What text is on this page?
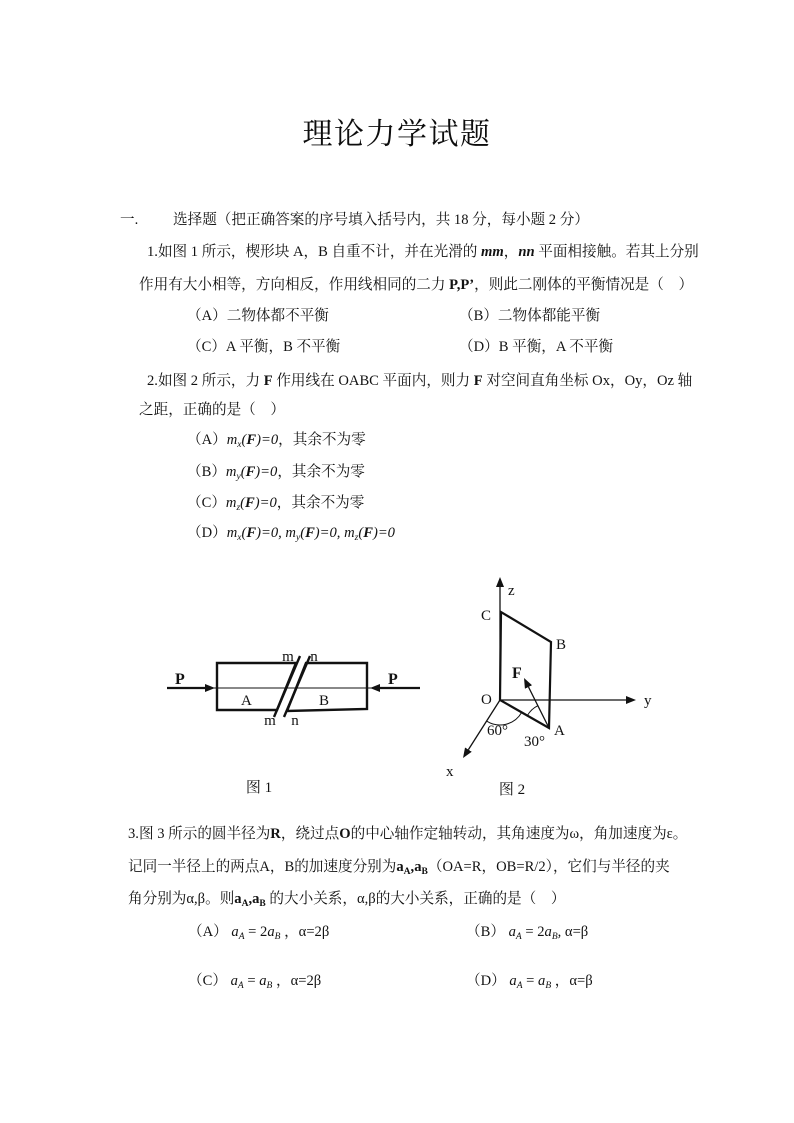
理论力学试题
一. 选择题（把正确答案的序号填入括号内，共 18 分，每小题 2 分）
1.如图 1 所示，楔形块 A，B 自重不计，并在光滑的 mm，nn 平面相接触。若其上分别
作用有大小相等，方向相反，作用线相同的二力 P,P’，则此二刚体的平衡情况是（　）
（A）二物体都不平衡	（B）二物体都能平衡
（C）A 平衡，B 不平衡	（D）B 平衡，A 不平衡
2.如图 2 所示，力 F 作用线在 OABC 平面内，则力 F 对空间直角坐标 Ox，Oy，Oz 轴
之距，正确的是（　）
$(A)m_x(F)=0$，其余不为零
$(B)m_y(F)=0$，其余不为零
$(C)m_z(F)=0$，其余不为零
$(D)m_x(F)=0$, $m_y(F)=0$, $m_z(F)=0$
P	P
m n
m n
A	B
图 1
z
y
x
O
C
B
A
F
60°
30°
图 2
3.图 3 所示的圆半径为R，绕过点O的中心轴作定轴转动，其角速度为ω，角加速度为ε。
记同一半径上的两点A，B的加速度分别为$a_A,a_B(OA=R$，OB=R/2），它们与半径的夹
角分别为α,β。则$a_A,a_B$ 的大小关系，α,β的大小关系，正确的是（　）
（A） $a_A = 2a_B$ ，α=2β	（B） $a_A = 2a_B$, α=β
（C） $a_A = a_B$ ，α=2β	（D） $a_A = a_B$ ，α=β
